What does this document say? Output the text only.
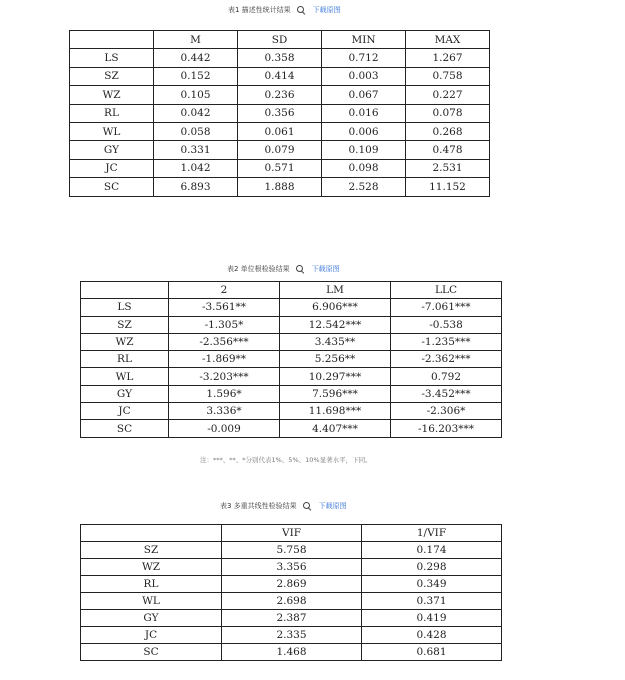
表1 描述性统计结果	下载原图
	M	SD	MIN	MAX
LS	0.442	0.358	0.712	1.267
SZ	0.152	0.414	0.003	0.758
WZ	0.105	0.236	0.067	0.227
RL	0.042	0.356	0.016	0.078
WL	0.058	0.061	0.006	0.268
GY	0.331	0.079	0.109	0.478
JC	1.042	0.571	0.098	2.531
SC	6.893	1.888	2.528	11.152
表2 单位根检验结果	下载原图
	2	LM	LLC
LS	-3.561**	6.906***	-7.061***
SZ	-1.305*	12.542***	-0.538
WZ	-2.356***	3.435**	-1.235***
RL	-1.869**	5.256**	-2.362***
WL	-3.203***	10.297***	0.792
GY	1.596*	7.596***	-3.452***
JC	3.336*	11.698***	-2.306*
SC	-0.009	4.407***	-16.203***
注：***、**、*分别代表1%、5%、10%显著水平，下同。
表3 多重共线性检验结果	下载原图
	VIF	1/VIF
SZ	5.758	0.174
WZ	3.356	0.298
RL	2.869	0.349
WL	2.698	0.371
GY	2.387	0.419
JC	2.335	0.428
SC	1.468	0.681
